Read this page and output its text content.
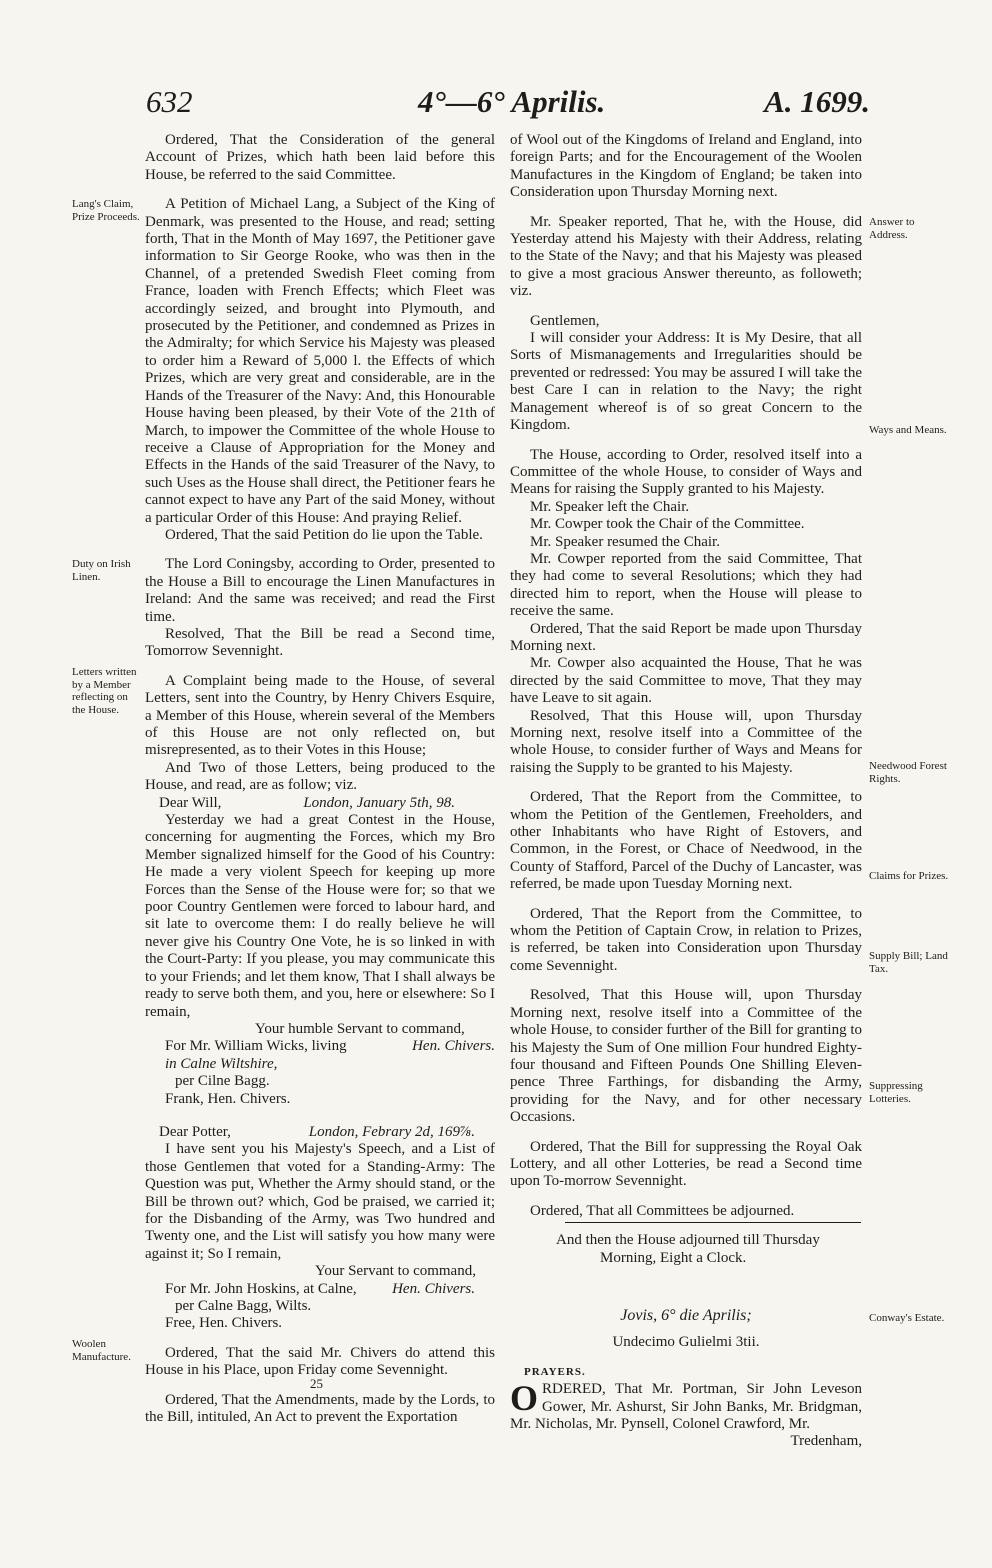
632	4°—6° Aprilis.	A. 1699.

Ordered, That the Consideration of the general Account of Prizes, which hath been laid before this House, be referred to the said Committee.

A Petition of Michael Lang, a Subject of the King of Denmark, was presented to the House, and read; setting forth, That in the Month of May 1697, the Petitioner gave information to Sir George Rooke, who was then in the Channel, of a pretended Swedish Fleet coming from France, loaden with French Effects; which Fleet was accordingly seized, and brought into Plymouth, and prosecuted by the Petitioner, and condemned as Prizes in the Admiralty; for which Service his Majesty was pleased to order him a Reward of 5,000 l. the Effects of which Prizes, which are very great and considerable, are in the Hands of the Treasurer of the Navy: And, this Honourable House having been pleased, by their Vote of the 21th of March, to impower the Committee of the whole House to receive a Clause of Appropriation for the Money and Effects in the Hands of the said Treasurer of the Navy, to such Uses as the House shall direct, the Petitioner fears he cannot expect to have any Part of the said Money, without a particular Order of this House: And praying Relief.

Ordered, That the said Petition do lie upon the Table.

The Lord Coningsby, according to Order, presented to the House a Bill to encourage the Linen Manufactures in Ireland: And the same was received; and read the First time.

Resolved, That the Bill be read a Second time, Tomorrow Sevennight.

A Complaint being made to the House, of several Letters, sent into the Country, by Henry Chivers Esquire, a Member of this House, wherein several of the Members of this House are not only reflected on, but misrepresented, as to their Votes in this House;

And Two of those Letters, being produced to the House, and read, are as follow; viz.

Dear Will,	London, January 5th, 98.

Yesterday we had a great Contest in the House, concerning for augmenting the Forces, which my Bro Member signalized himself for the Good of his Country: He made a very violent Speech for keeping up more Forces than the Sense of the House were for; so that we poor Country Gentlemen were forced to labour hard, and sit late to overcome them: I do really believe he will never give his Country One Vote, he is so linked in with the Court-Party: If you please, you may communicate this to your Friends; and let them know, That I shall always be ready to serve both them, and you, here or elsewhere: So I remain,

Your humble Servant to command,

For Mr. William Wicks, living	Hen. Chivers.

in Calne Wiltshire,

per Cilne Bagg.

Frank, Hen. Chivers.

Dear Potter,	London, Febrary 2d, 169⅞.

I have sent you his Majesty's Speech, and a List of those Gentlemen that voted for a Standing-Army: The Question was put, Whether the Army should stand, or the Bill be thrown out? which, God be praised, we carried it; for the Disbanding of the Army, was Two hundred and Twenty one, and the List will satisfy you how many were against it; So I remain,

Your Servant to command,

For Mr. John Hoskins, at Calne,	Hen. Chivers.

per Calne Bagg, Wilts.

Free, Hen. Chivers.

Ordered, That the said Mr. Chivers do attend this House in his Place, upon Friday come Sevennight.

Ordered, That the Amendments, made by the Lords, to the Bill, intituled, An Act to prevent the Exportation

of Wool out of the Kingdoms of Ireland and England, into foreign Parts; and for the Encouragement of the Woolen Manufactures in the Kingdom of England; be taken into Consideration upon Thursday Morning next.

Mr. Speaker reported, That he, with the House, did Yesterday attend his Majesty with their Address, relating to the State of the Navy; and that his Majesty was pleased to give a most gracious Answer thereunto, as followeth; viz.

Gentlemen,

I will consider your Address: It is My Desire, that all Sorts of Mismanagements and Irregularities should be prevented or redressed: You may be assured I will take the best Care I can in relation to the Navy; the right Management whereof is of so great Concern to the Kingdom.

The House, according to Order, resolved itself into a Committee of the whole House, to consider of Ways and Means for raising the Supply granted to his Majesty.

Mr. Speaker left the Chair.

Mr. Cowper took the Chair of the Committee.

Mr. Speaker resumed the Chair.

Mr. Cowper reported from the said Committee, That they had come to several Resolutions; which they had directed him to report, when the House will please to receive the same.

Ordered, That the said Report be made upon Thursday Morning next.

Mr. Cowper also acquainted the House, That he was directed by the said Committee to move, That they may have Leave to sit again.

Resolved, That this House will, upon Thursday Morning next, resolve itself into a Committee of the whole House, to consider further of Ways and Means for raising the Supply to be granted to his Majesty.

Ordered, That the Report from the Committee, to whom the Petition of the Gentlemen, Freeholders, and other Inhabitants who have Right of Estovers, and Common, in the Forest, or Chace of Needwood, in the County of Stafford, Parcel of the Duchy of Lancaster, was referred, be made upon Tuesday Morning next.

Ordered, That the Report from the Committee, to whom the Petition of Captain Crow, in relation to Prizes, is referred, be taken into Consideration upon Thursday come Sevennight.

Resolved, That this House will, upon Thursday Morning next, resolve itself into a Committee of the whole House, to consider further of the Bill for granting to his Majesty the Sum of One million Four hundred Eighty-four thousand and Fifteen Pounds One Shilling Eleven-pence Three Farthings, for disbanding the Army, providing for the Navy, and for other necessary Occasions.

Ordered, That the Bill for suppressing the Royal Oak Lottery, and all other Lotteries, be read a Second time upon To-morrow Sevennight.

Ordered, That all Committees be adjourned.

And then the House adjourned till Thursday

Morning, Eight a Clock.

Jovis, 6° die Aprilis;

Undecimo Gulielmi 3tii.

PRAYERS.

ORDERED, That Mr. Portman, Sir John Leveson Gower, Mr. Ashurst, Sir John Banks, Mr. Bridgman, Mr. Nicholas, Mr. Pynsell, Colonel Crawford, Mr.

Tredenham,

Lang's Claim, Prize Proceeds.
Duty on Irish Linen.
Letters written by a Member reflecting on the House.
Woolen Manufacture.
Answer to Address.
Ways and Means.
Needwood Forest Rights.
Claims for Prizes.
Supply Bill; Land Tax.
Suppressing Lotteries.
Conway's Estate.
25
